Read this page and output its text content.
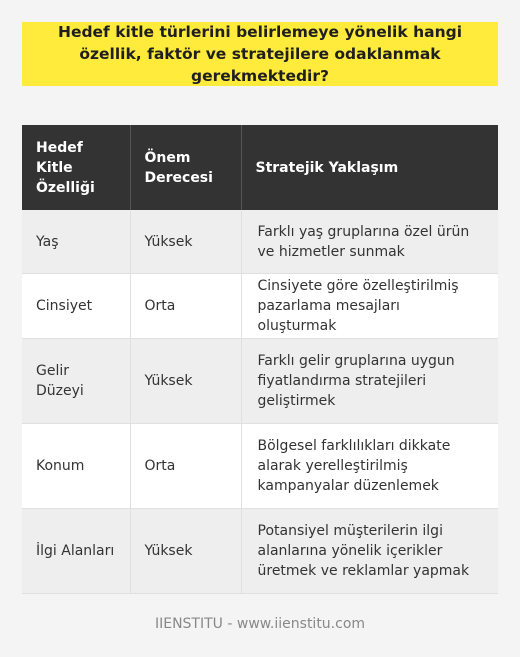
Hedef kitle türlerini belirlemeye yönelik hangi özellik, faktör ve stratejilere odaklanmak gerekmektedir?
Hedef Kitle Özelliği	Önem Derecesi	Stratejik Yaklaşım
Yaş	Yüksek	Farklı yaş gruplarına özel ürün ve hizmetler sunmak
Cinsiyet	Orta	Cinsiyete göre özelleştirilmiş pazarlama mesajları oluşturmak
Gelir Düzeyi	Yüksek	Farklı gelir gruplarına uygun fiyatlandırma stratejileri geliştirmek
Konum	Orta	Bölgesel farklılıkları dikkate alarak yerelleştirilmiş kampanyalar düzenlemek
İlgi Alanları	Yüksek	Potansiyel müşterilerin ilgi alanlarına yönelik içerikler üretmek ve reklamlar yapmak
IIENSTITU - www.iienstitu.com
